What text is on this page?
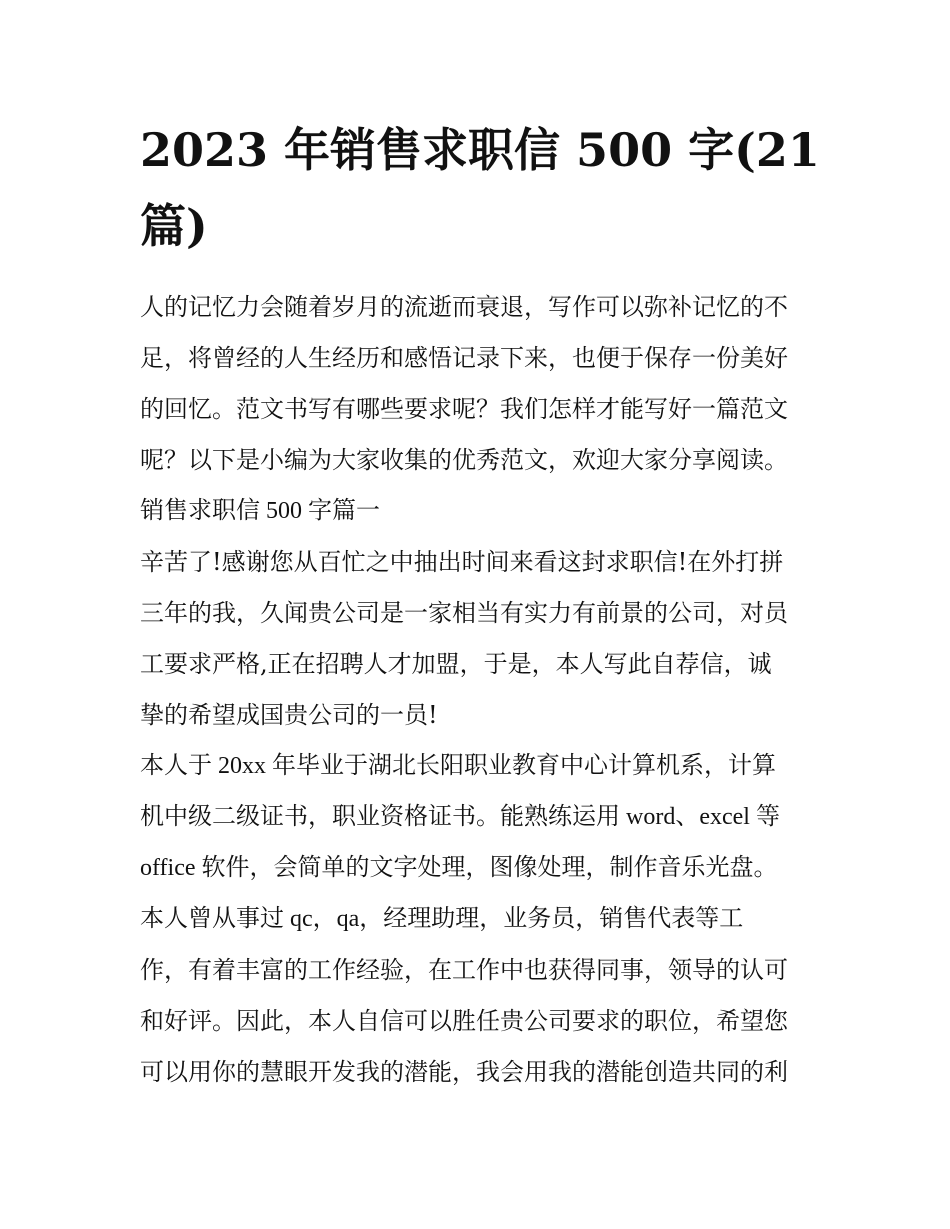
2023 年销售求职信 500 字(21
篇)
人的记忆力会随着岁月的流逝而衰退，写作可以弥补记忆的不
足，将曾经的人生经历和感悟记录下来，也便于保存一份美好
的回忆。范文书写有哪些要求呢？我们怎样才能写好一篇范文
呢？以下是小编为大家收集的优秀范文，欢迎大家分享阅读。
销售求职信 500 字篇一
辛苦了!感谢您从百忙之中抽出时间来看这封求职信!在外打拼
三年的我，久闻贵公司是一家相当有实力有前景的公司，对员
工要求严格,正在招聘人才加盟，于是，本人写此自荐信，诚
挚的希望成国贵公司的一员!
本人于 20xx 年毕业于湖北长阳职业教育中心计算机系，计算
机中级二级证书，职业资格证书。能熟练运用 word、excel 等
office 软件，会简单的文字处理，图像处理，制作音乐光盘。
本人曾从事过 qc，qa，经理助理，业务员，销售代表等工
作，有着丰富的工作经验，在工作中也获得同事，领导的认可
和好评。因此，本人自信可以胜任贵公司要求的职位，希望您
可以用你的慧眼开发我的潜能，我会用我的潜能创造共同的利
